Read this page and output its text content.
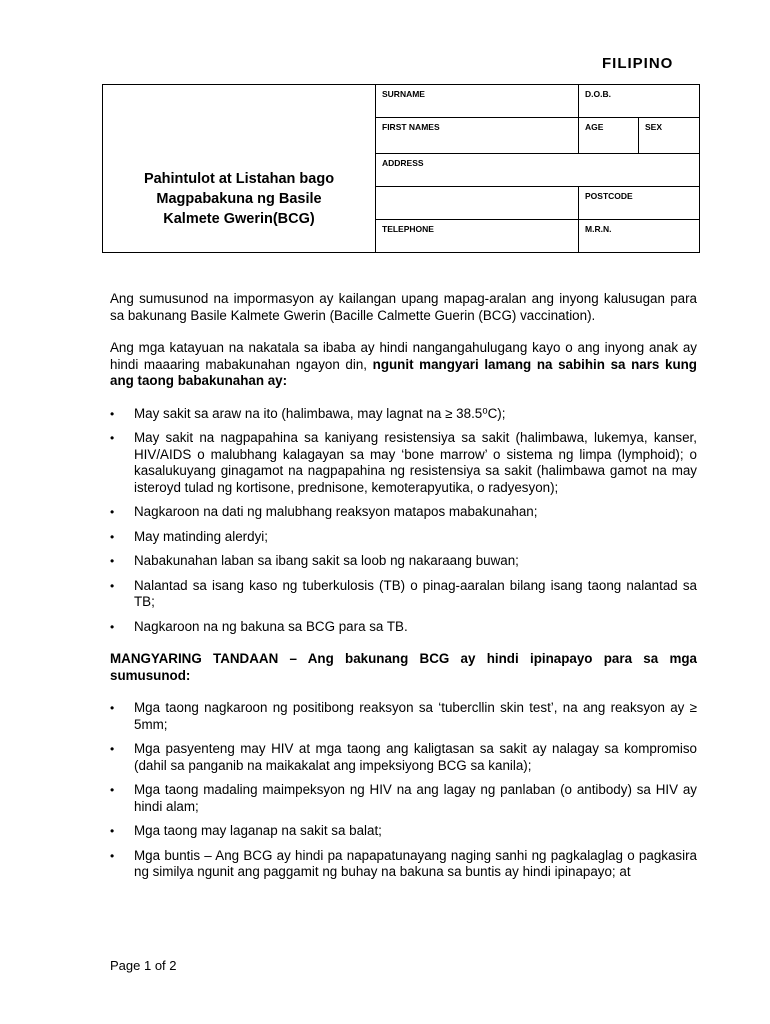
FILIPINO
Pahintulot at Listahan bago
Magpabakuna ng Basile
Kalmete Gwerin(BCG)	SURNAME	D.O.B.	
	FIRST NAMES	AGE	SEX
	ADDRESS		
		POSTCODE	
	TELEPHONE	M.R.N.	

Ang sumusunod na impormasyon ay kailangan upang mapag-aralan ang inyong kalusugan para sa bakunang Basile Kalmete Gwerin (Bacille Calmette Guerin (BCG) vaccination).

Ang mga katayuan na nakatala sa ibaba ay hindi nangangahulugang kayo o ang inyong anak ay hindi maaaring mabakunahan ngayon din, ngunit mangyari lamang na sabihin sa nars kung ang taong babakunahan ay:

• May sakit sa araw na ito (halimbawa, may lagnat na ≥ 38.5⁰C);
• May sakit na nagpapahina sa kaniyang resistensiya sa sakit (halimbawa, lukemya, kanser, HIV/AIDS o malubhang kalagayan sa may ‘bone marrow’ o sistema ng limpa (lymphoid); o kasalukuyang ginagamot na nagpapahina ng resistensiya sa sakit (halimbawa gamot na may isteroyd tulad ng kortisone, prednisone, kemoterapyutika, o radyesyon);
• Nagkaroon na dati ng malubhang reaksyon matapos mabakunahan;
• May matinding alerdyi;
• Nabakunahan laban sa ibang sakit sa loob ng nakaraang buwan;
• Nalantad sa isang kaso ng tuberkulosis (TB) o pinag-aaralan bilang isang taong nalantad sa TB;
• Nagkaroon na ng bakuna sa BCG para sa TB.

MANGYARING TANDAAN – Ang bakunang BCG ay hindi ipinapayo para sa mga sumusunod:

• Mga taong nagkaroon ng positibong reaksyon sa ‘tubercllin skin test’, na ang reaksyon ay ≥ 5mm;
• Mga pasyenteng may HIV at mga taong ang kaligtasan sa sakit ay nalagay sa kompromiso (dahil sa panganib na maikakalat ang impeksiyong BCG sa kanila);
• Mga taong madaling maimpeksyon ng HIV na ang lagay ng panlaban (o antibody) sa HIV ay hindi alam;
• Mga taong may laganap na sakit sa balat;
• Mga buntis – Ang BCG ay hindi pa napapatunayang naging sanhi ng pagkalaglag o pagkasira ng similya ngunit ang paggamit ng buhay na bakuna sa buntis ay hindi ipinapayo; at
Page 1 of 2
